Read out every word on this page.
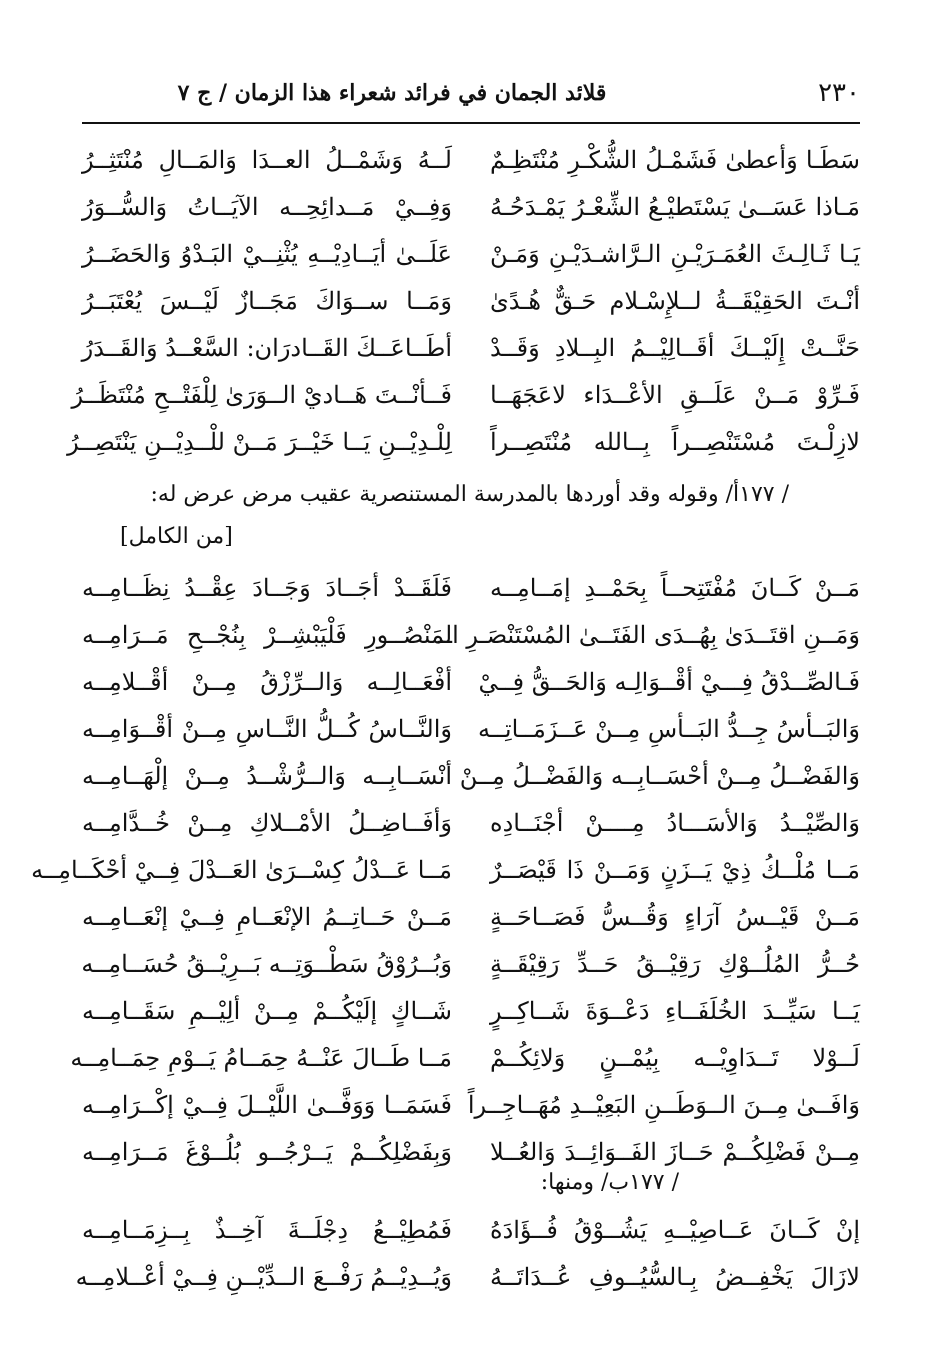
٢٣٠
قلائد الجمان في فرائد شعراء هذا الزمان / ج ٧
سَطَـا وَأعطىٰ فَشَمْـلُ الشُّكْـرِ مُنْتَظِـمٌ
لَــهُ وَشَمْــلُ العــدَا وَالمَــالِ مُنْتَثِــرُ
مَـاذا عَسَــىٰ يَسْتَطيْـعُ الشِّعْـرُ يَمْـدَحُـهُ
وَفِــيْ مَــدائِحِــه الآيَــاتُ وَالسُّــوَرُ
يَـا ثَـالِـثَ العُمَـرَيْـنِ الـرَّاشـدَيْـنِ وَمَـنْ
عَلَــىٰ أيَــادِيْــهِ يُثْنِــيْ البَـدْوُ وَالحَضَــرُ
أنْـتَ الحَقِيْقَــةُ لــلإِسْـلام حَـقٌّ هُـدًىٰ
وَمَــا ســوَاكَ مَجَــازٌ لَيْــسَ يُعْتَبَــرُ
حَنَّــتْ إِلَيْــكَ أقَــالِيْــمُ البِــلادِ وَقَــدْ
أطَــاعَــكَ القَــادرَان: السَّعْــدُ وَالقَــدَرُ
فَـرِّوْ مَــنْ عَلَــقِ الأعْــدَاء لاعَجَهَــا
فَــأنْــتَ هَــاديْ الــوَرَىٰ لِلْفَتْــحِ مُنْتَظَــرُ
لازِلْـتَ مُسْتَنْصِــراً بِــالله مُنْتَصِــراً
لِلْـدِيْــنِ يَــا خَيْــرَ مَــنْ للْــدِيْــنِ يَنْتَصِــرُ
/ ١٧٧أ/ وقوله وقد أوردها بالمدرسة المستنصرية عقيب مرض عرض له:
[من الكامل]
مَــنْ كَــانَ مُفْتَتِحــاً بِحَمْــدِ إمَــامِــه
فَلَقَــدْ أجَــادَ وَجَــادَ عِقْــدُ نِظَــامِــه
وَمَــنِ اقتَــدَىٰ بِهُــدَى الفَتَــىٰ المُسْتَنْصَـرِ الـ
ـمَنْصُــورِ فَلْيَبْشِــرْ بِنُجْــحِ مَــرَامِــه
فَـالصِّــدْقُ فِـــيْ أقْــوَالِـه وَالحَــقُّ فِــيْ
أفْعَــالِــه وَالــرِّزْقُ مِــنْ أقْــلامِــه
وَالبَــأسُ جِــدُّ البَــأسِ مِــنْ عَــزَمَــاتِــه
وَالنَّــاسُ كُــلُّ النَّــاسِ مِــنْ أقْــوَامِــه
وَالفَضْــلُ مِــنْ أحْسَــابِــه وَالفَضْــلُ مِــنْ
أنْسَــابِــه وَالــرُّشْــدُ مِــنْ إلْهَــامِــه
وَالصِّيْــدُ وَالأسَـــادُ مِــــنْ أجْنَــادِه
وَأفَــاضِــلُ الأمْــلاكِ مِــنْ خُــدَّامِــه
مَــا مُلْــكُ ذِيْ يَــزَنٍ وَمَــنْ ذَا قَيْصَــرٌ
مَــا عَــدْلُ كِسْــرَىٰ العَــدْلَ فِــيْ أحْكَــامِــه
مَــنْ قَيْــسُ آرَاءٍ وَقُــسُّ فَصَــاحَــةٍ
مَــنْ حَــاتِــمُ الإنْعَــامِ فِــيْ إنْعَــامِــه
حُــرُّ المُلُــوْكِ رَقِيْــقُ حَــدِّ رَقِيْقَــةٍ
وَبُــرُوْقُ سَطْــوَتِــه بَــرِيْــقُ حُسَــامِــه
يَــا سَيِّــدَ الخُلَفَــاءِ دَعْــوَةَ شَــاكِــرٍ
شَــاكٍ إلَيْكُــمْ مِــنْ ألِيْــمِ سَقَــامِــه
لَــوْلا تَــدَاوِيْــه بِيُمْــنٍ وَلائِكُــمْ
مَــا طَــالَ عَنْــهُ حِمَــامُ يَــوْمِ حِمَــامِــه
وَافَــىٰ مِــنَ الــوَطَــنِ البَعِيْــدِ مُهَــاجِــراً
فَسَمَــا وَوَفَّــىٰ اللَّيْــلَ فِــيْ إكْــرَامِــه
مِــنْ فَضْلِكُــمْ حَــازَ الفَــوَائِــدَ وَالعُــلا
وَبِفَضْلِكُــمْ يَــرْجُــو بُلُــوْغَ مَــرَامِــه
/ ١٧٧ب/ ومنها:
إنْ كَــانَ عَــاصِيْــهِ يَشُــوْقُ فُــؤَادَهُ
فَمُطِيْــعُ دِجْلَــةَ آخِــذٌ بِــزِمَــامِــه
لازَالَ يَخْفِــضُ بِـالسُّيُــوفِ عُــدَاتَــهُ
وَيُــدِيْــمُ رَفْــعَ الــدِّيْــنِ فِــيْ أعْــلامِــه
